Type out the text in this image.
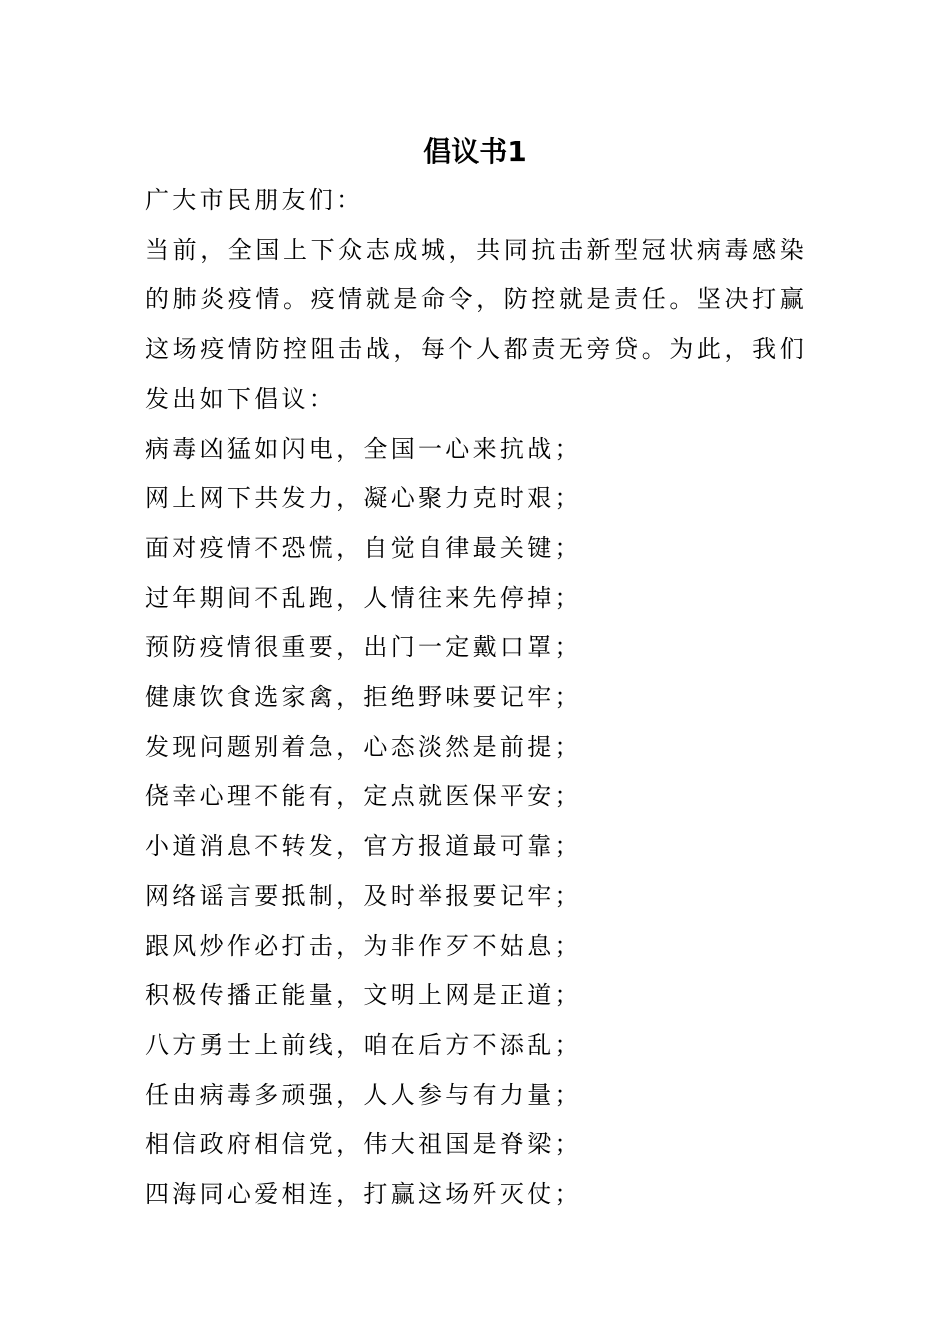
倡议书1

广大市民朋友们：

当前，全国上下众志成城，共同抗击新型冠状病毒感染的肺炎疫情。疫情就是命令，防控就是责任。坚决打赢这场疫情防控阻击战，每个人都责无旁贷。为此，我们发出如下倡议：

病毒凶猛如闪电，全国一心来抗战；

网上网下共发力，凝心聚力克时艰；

面对疫情不恐慌，自觉自律最关键；

过年期间不乱跑，人情往来先停掉；

预防疫情很重要，出门一定戴口罩；

健康饮食选家禽，拒绝野味要记牢；

发现问题别着急，心态淡然是前提；

侥幸心理不能有，定点就医保平安；

小道消息不转发，官方报道最可靠；

网络谣言要抵制，及时举报要记牢；

跟风炒作必打击，为非作歹不姑息；

积极传播正能量，文明上网是正道；

八方勇士上前线，咱在后方不添乱；

任由病毒多顽强，人人参与有力量；

相信政府相信党，伟大祖国是脊梁；

四海同心爱相连，打赢这场歼灭仗；
